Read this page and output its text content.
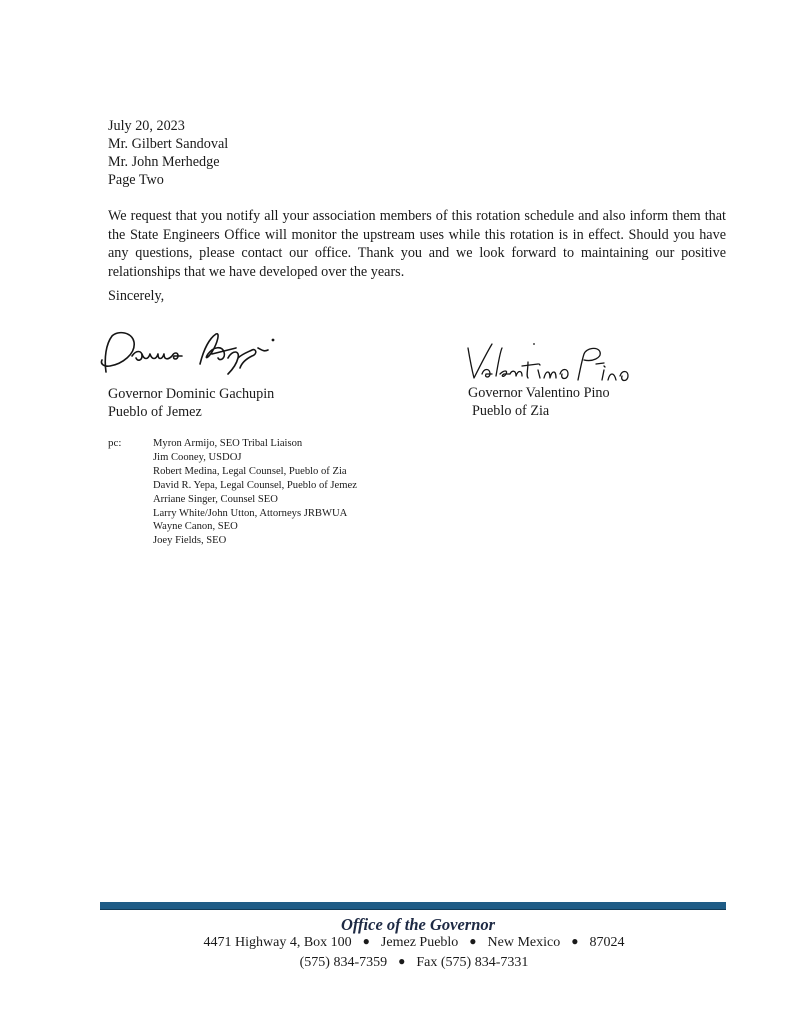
July 20, 2023
Mr. Gilbert Sandoval
Mr. John Merhedge
Page Two
We request that you notify all your association members of this rotation schedule and also inform them that the State Engineers Office will monitor the upstream uses while this rotation is in effect. Should you have any questions, please contact our office. Thank you and we look forward to maintaining our positive relationships that we have developed over the years.
Sincerely,
Governor Dominic Gachupin
Pueblo of Jemez
Governor Valentino Pino
Pueblo of Zia
pc:	Myron Armijo, SEO Tribal Liaison
Jim Cooney, USDOJ
Robert Medina, Legal Counsel, Pueblo of Zia
David R. Yepa, Legal Counsel, Pueblo of Jemez
Arriane Singer, Counsel SEO
Larry White/John Utton, Attorneys JRBWUA
Wayne Canon, SEO
Joey Fields, SEO
Office of the Governor
4471 Highway 4, Box 100 ● Jemez Pueblo ● New Mexico ● 87024
(575) 834-7359 ● Fax (575) 834-7331
